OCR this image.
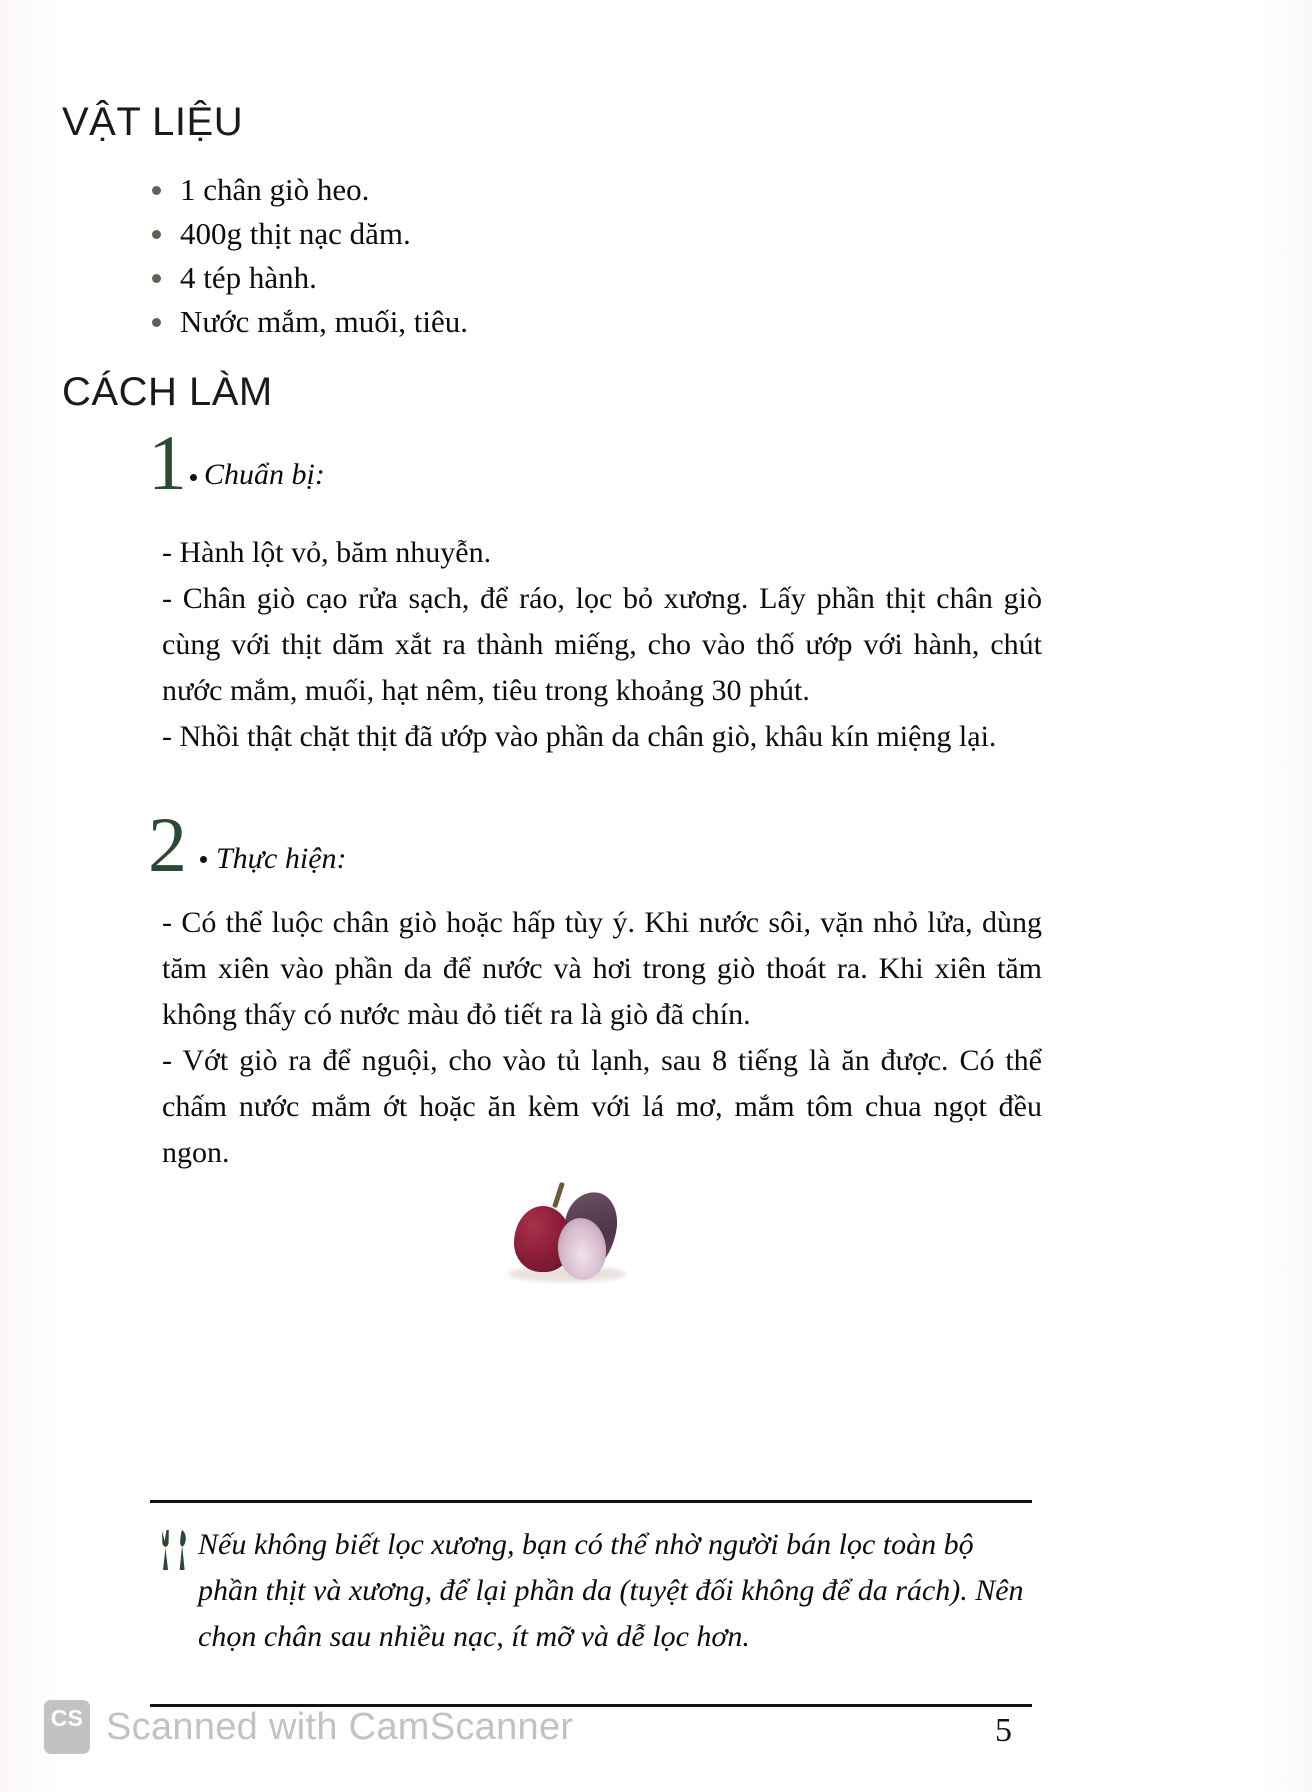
VẬT LIỆU
1 chân giò heo.
400g thịt nạc dăm.
4 tép hành.
Nước mắm, muối, tiêu.
CÁCH LÀM
1 Chuẩn bị:

- Hành lột vỏ, băm nhuyễn.

- Chân giò cạo rửa sạch, để ráo, lọc bỏ xương. Lấy phần thịt chân giò cùng với thịt dăm xắt ra thành miếng, cho vào thố ướp với hành, chút nước mắm, muối, hạt nêm, tiêu trong khoảng 30 phút.

- Nhồi thật chặt thịt đã ướp vào phần da chân giò, khâu kín miệng lại.

2 Thực hiện:

- Có thể luộc chân giò hoặc hấp tùy ý. Khi nước sôi, vặn nhỏ lửa, dùng tăm xiên vào phần da để nước và hơi trong giò thoát ra. Khi xiên tăm không thấy có nước màu đỏ tiết ra là giò đã chín.

- Vớt giò ra để nguội, cho vào tủ lạnh, sau 8 tiếng là ăn được. Có thể chấm nước mắm ớt hoặc ăn kèm với lá mơ, mắm tôm chua ngọt đều ngon.

Nếu không biết lọc xương, bạn có thể nhờ người bán lọc toàn bộ phần thịt và xương, để lại phần da (tuyệt đối không để da rách). Nên chọn chân sau nhiều nạc, ít mỡ và dễ lọc hơn.
CS Scanned with CamScanner	5
